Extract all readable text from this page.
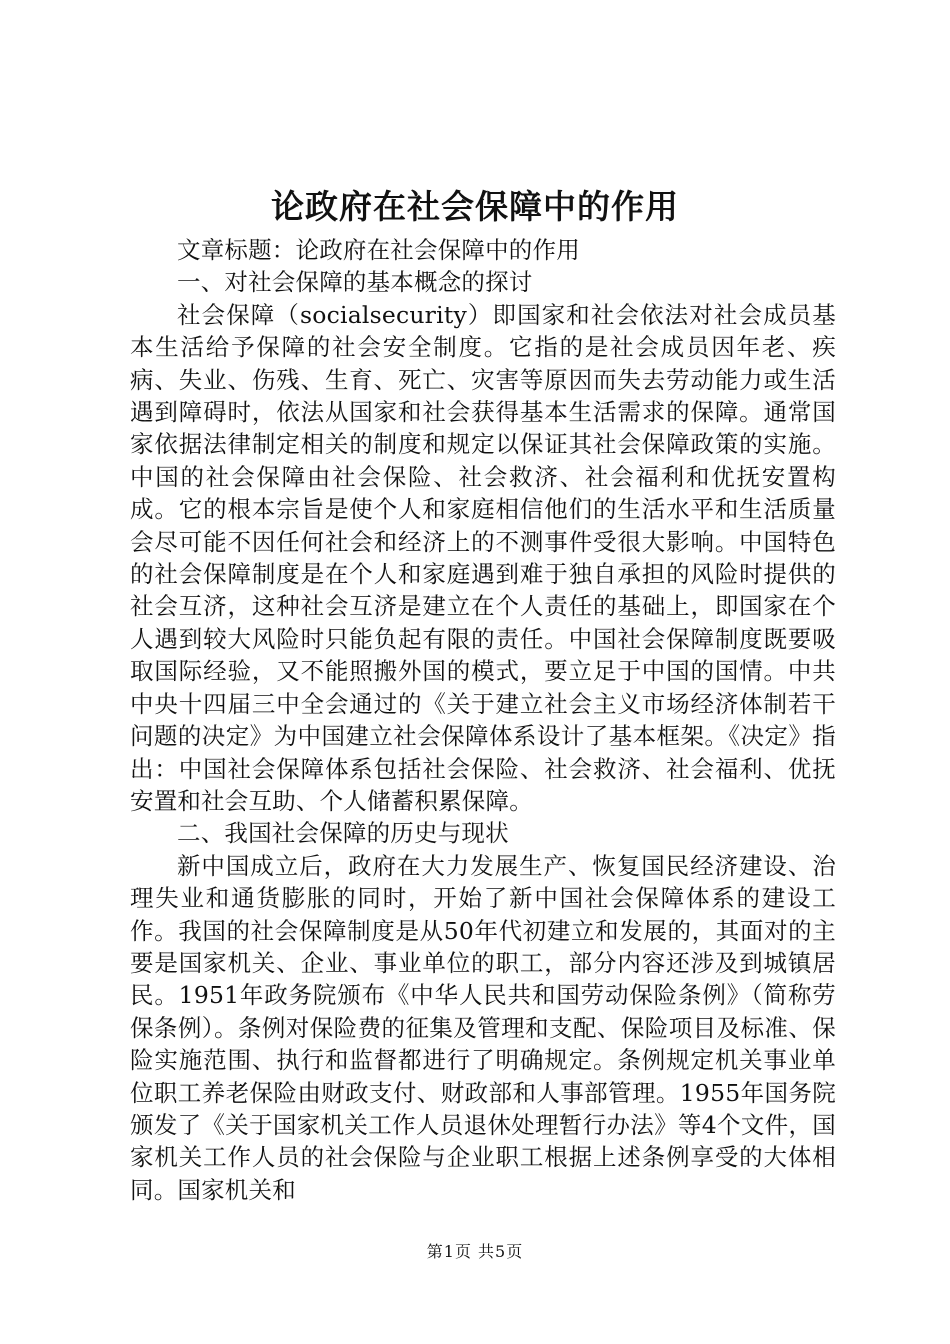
论政府在社会保障中的作用

文章标题：论政府在社会保障中的作用

一、对社会保障的基本概念的探讨

社会保障（socialsecurity）即国家和社会依法对社会成员基本生活给予保障的社会安全制度。它指的是社会成员因年老、疾病、失业、伤残、生育、死亡、灾害等原因而失去劳动能力或生活遇到障碍时，依法从国家和社会获得基本生活需求的保障。通常国家依据法律制定相关的制度和规定以保证其社会保障政策的实施。中国的社会保障由社会保险、社会救济、社会福利和优抚安置构成。它的根本宗旨是使个人和家庭相信他们的生活水平和生活质量会尽可能不因任何社会和经济上的不测事件受很大影响。中国特色的社会保障制度是在个人和家庭遇到难于独自承担的风险时提供的社会互济，这种社会互济是建立在个人责任的基础上，即国家在个人遇到较大风险时只能负起有限的责任。中国社会保障制度既要吸取国际经验，又不能照搬外国的模式，要立足于中国的国情。中共中央十四届三中全会通过的《关于建立社会主义市场经济体制若干问题的决定》为中国建立社会保障体系设计了基本框架。《决定》指出：中国社会保障体系包括社会保险、社会救济、社会福利、优抚安置和社会互助、个人储蓄积累保障。

二、我国社会保障的历史与现状

新中国成立后，政府在大力发展生产、恢复国民经济建设、治理失业和通货膨胀的同时，开始了新中国社会保障体系的建设工作。我国的社会保障制度是从50年代初建立和发展的，其面对的主要是国家机关、企业、事业单位的职工，部分内容还涉及到城镇居民。1951年政务院颁布《中华人民共和国劳动保险条例》（简称劳保条例）。条例对保险费的征集及管理和支配、保险项目及标准、保险实施范围、执行和监督都进行了明确规定。条例规定机关事业单位职工养老保险由财政支付、财政部和人事部管理。1955年国务院颁发了《关于国家机关工作人员退休处理暂行办法》等4个文件，国家机关工作人员的社会保险与企业职工根据上述条例享受的大体相同。国家机关和

第1页 共5页
